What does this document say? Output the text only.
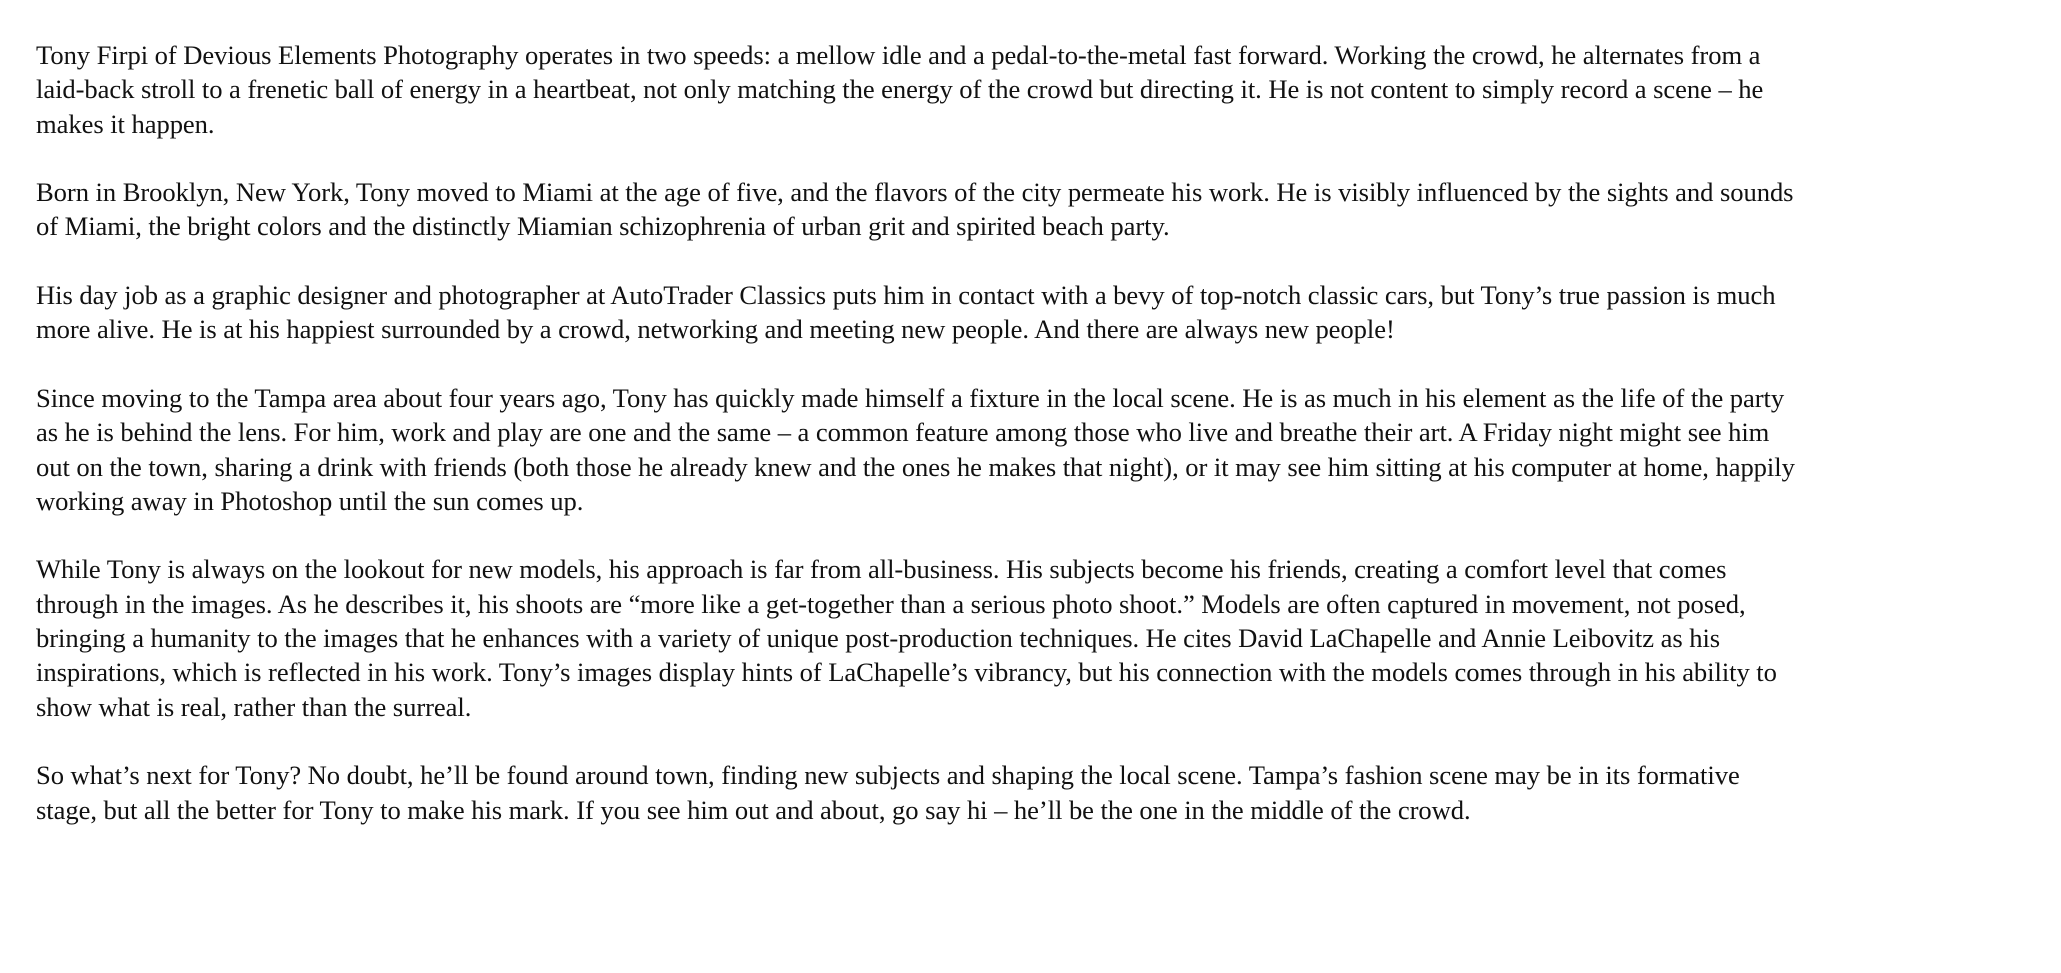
Tony Firpi of Devious Elements Photography operates in two speeds: a mellow idle and a pedal-to-the-metal fast forward. Working the crowd, he alternates from a
laid-back stroll to a frenetic ball of energy in a heartbeat, not only matching the energy of the crowd but directing it. He is not content to simply record a scene – he
makes it happen.

Born in Brooklyn, New York, Tony moved to Miami at the age of five, and the flavors of the city permeate his work. He is visibly influenced by the sights and sounds
of Miami, the bright colors and the distinctly Miamian schizophrenia of urban grit and spirited beach party.

His day job as a graphic designer and photographer at AutoTrader Classics puts him in contact with a bevy of top-notch classic cars, but Tony’s true passion is much
more alive. He is at his happiest surrounded by a crowd, networking and meeting new people. And there are always new people!

Since moving to the Tampa area about four years ago, Tony has quickly made himself a fixture in the local scene. He is as much in his element as the life of the party
as he is behind the lens. For him, work and play are one and the same – a common feature among those who live and breathe their art. A Friday night might see him
out on the town, sharing a drink with friends (both those he already knew and the ones he makes that night), or it may see him sitting at his computer at home, happily
working away in Photoshop until the sun comes up.

While Tony is always on the lookout for new models, his approach is far from all-business. His subjects become his friends, creating a comfort level that comes
through in the images. As he describes it, his shoots are “more like a get-together than a serious photo shoot.” Models are often captured in movement, not posed,
bringing a humanity to the images that he enhances with a variety of unique post-production techniques. He cites David LaChapelle and Annie Leibovitz as his
inspirations, which is reflected in his work. Tony’s images display hints of LaChapelle’s vibrancy, but his connection with the models comes through in his ability to
show what is real, rather than the surreal.

So what’s next for Tony? No doubt, he’ll be found around town, finding new subjects and shaping the local scene. Tampa’s fashion scene may be in its formative
stage, but all the better for Tony to make his mark. If you see him out and about, go say hi – he’ll be the one in the middle of the crowd.
